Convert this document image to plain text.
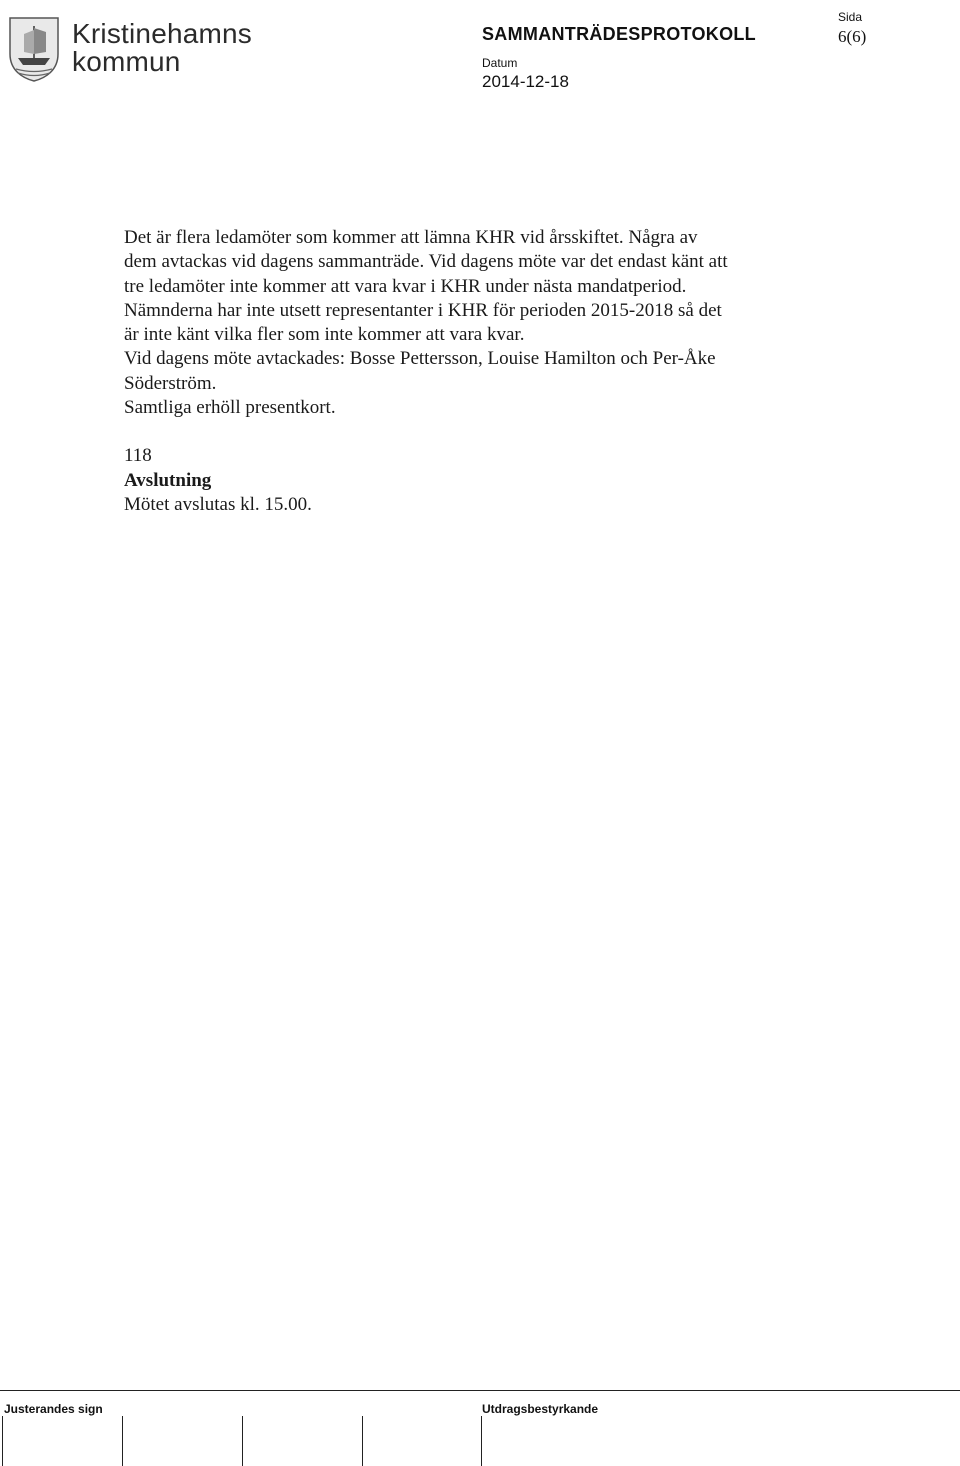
Kristinehamns
kommun
SAMMANTRÄDESPROTOKOLL
Sida
6(6)
Datum
2014-12-18

Det är flera ledamöter som kommer att lämna KHR vid årsskiftet. Några av

dem avtackas vid dagens sammanträde. Vid dagens möte var det endast känt att

tre ledamöter inte kommer att vara kvar i KHR under nästa mandatperiod.

Nämnderna har inte utsett representanter i KHR för perioden 2015-2018 så det

är inte känt vilka fler som inte kommer att vara kvar.

Vid dagens möte avtackades: Bosse Pettersson, Louise Hamilton och Per-Åke

Söderström.

Samtliga erhöll presentkort.

118

Avslutning

Mötet avslutas kl. 15.00.

Justerandes sign	Utdragsbestyrkande
